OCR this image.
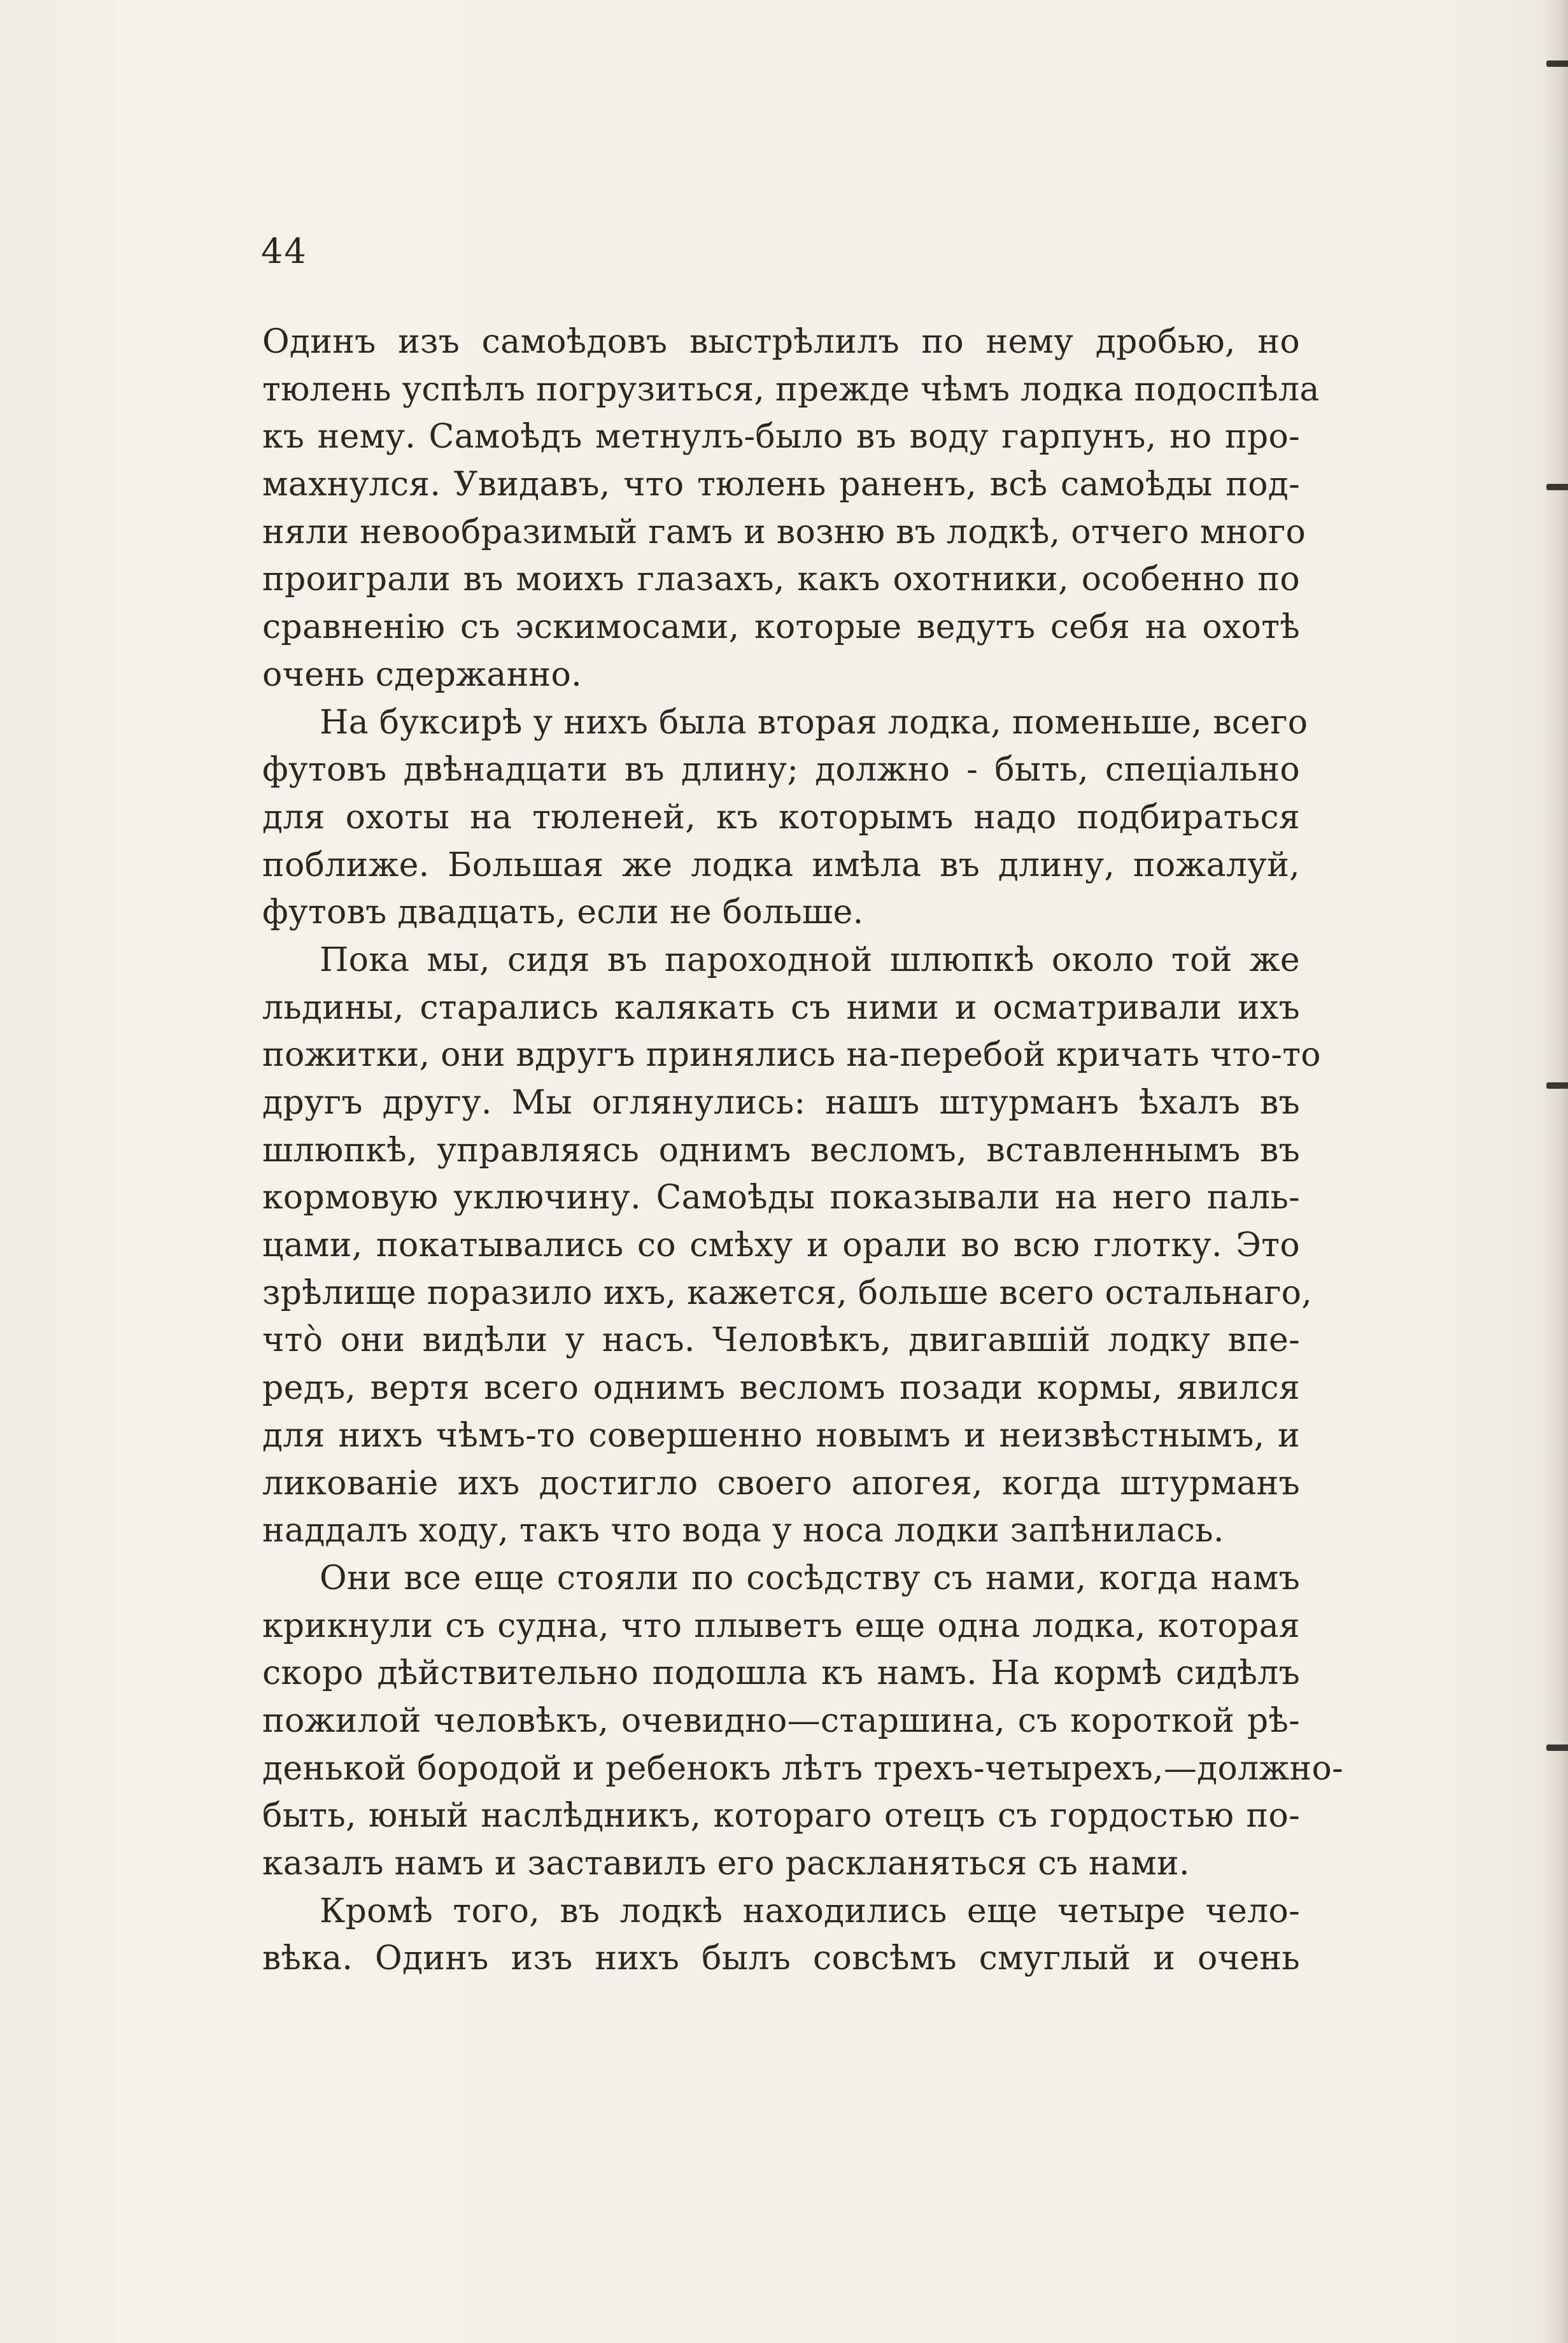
44
Одинъ изъ самоѣдовъ выстрѣлилъ по нему дробью, но
тюлень успѣлъ погрузиться, прежде чѣмъ лодка подоспѣла
къ нему. Самоѣдъ метнулъ-было въ воду гарпунъ, но про-
махнулся. Увидавъ, что тюлень раненъ, всѣ самоѣды под-
няли невообразимый гамъ и возню въ лодкѣ, отчего много
проиграли въ моихъ глазахъ, какъ охотники, особенно по
сравненію съ эскимосами, которые ведутъ себя на охотѣ
очень сдержанно.
На буксирѣ у нихъ была вторая лодка, поменьше, всего
футовъ двѣнадцати въ длину; должно - быть, спеціально
для охоты на тюленей, къ которымъ надо подбираться
поближе. Большая же лодка имѣла въ длину, пожалуй,
футовъ двадцать, если не больше.
Пока мы, сидя въ пароходной шлюпкѣ около той же
льдины, старались калякать съ ними и осматривали ихъ
пожитки, они вдругъ принялись на-перебой кричать что-то
другъ другу. Мы оглянулись: нашъ штурманъ ѣхалъ въ
шлюпкѣ, управляясь однимъ весломъ, вставленнымъ въ
кормовую уключину. Самоѣды показывали на него паль-
цами, покатывались со смѣху и орали во всю глотку. Это
зрѣлище поразило ихъ, кажется, больше всего остальнаго,
что̀ они видѣли у насъ. Человѣкъ, двигавшій лодку впе-
редъ, вертя всего однимъ весломъ позади кормы, явился
для нихъ чѣмъ-то совершенно новымъ и неизвѣстнымъ, и
ликованіе ихъ достигло своего апогея, когда штурманъ
наддалъ ходу, такъ что вода у носа лодки запѣнилась.
Они все еще стояли по сосѣдству съ нами, когда намъ
крикнули съ судна, что плыветъ еще одна лодка, которая
скоро дѣйствительно подошла къ намъ. На кормѣ сидѣлъ
пожилой человѣкъ, очевидно—старшина, съ короткой рѣ-
денькой бородой и ребенокъ лѣтъ трехъ-четырехъ,—должно-
быть, юный наслѣдникъ, котораго отецъ съ гордостью по-
казалъ намъ и заставилъ его раскланяться съ нами.
Кромѣ того, въ лодкѣ находились еще четыре чело-
вѣка. Одинъ изъ нихъ былъ совсѣмъ смуглый и очень
